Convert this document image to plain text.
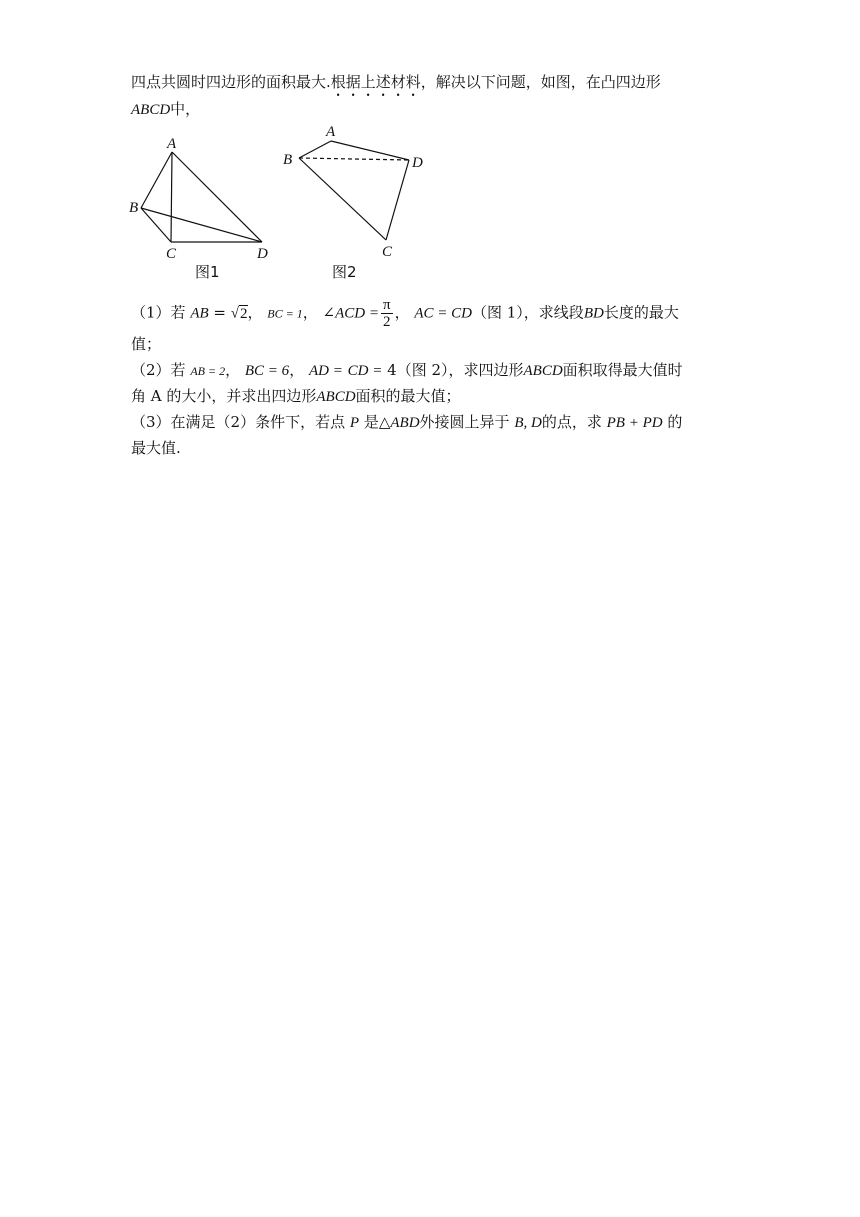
四点共圆时四边形的面积最大.根据上述材料，解决以下问题，如图，在凸四边形
ABCD中，
A
B
C	D
图1
A
B
C
D
图2
（1）若 AB = √2， BC = 1， ∠ACD = $\frac{\pi}{2}$ ， AC = CD（图 1），求线段BD长度的最大
值；
（2）若 AB = 2， BC = 6， AD = CD = 4（图 2），求四边形ABCD面积取得最大值时
角 A 的大小，并求出四边形ABCD面积的最大值；
（3）在满足（2）条件下，若点 P 是△ABD外接圆上异于 B, D的点，求 PB + PD 的
最大值.
